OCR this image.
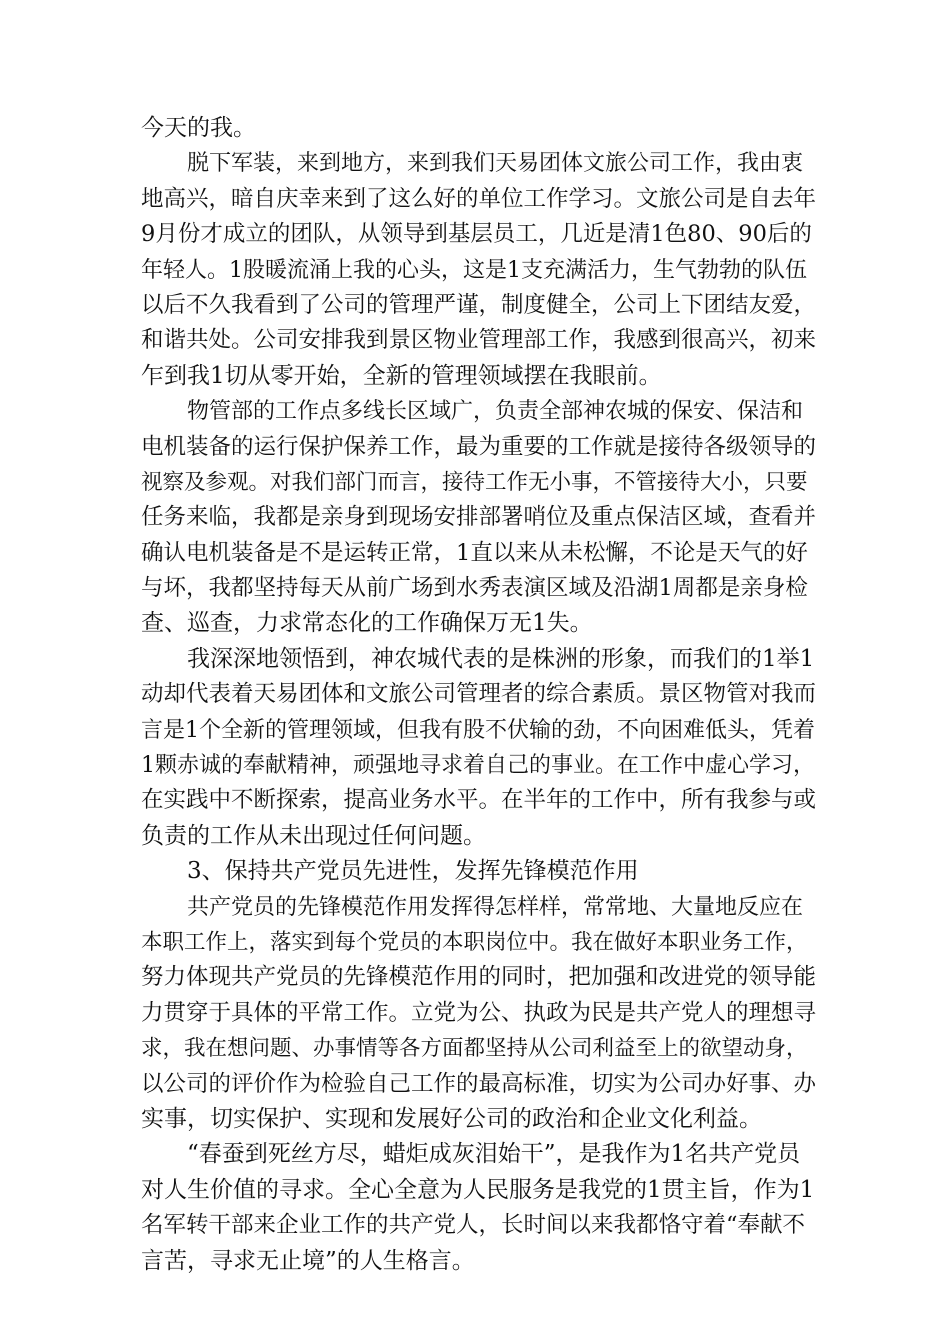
今天的我。
脱下军装，来到地方，来到我们天易团体文旅公司工作，我由衷
地高兴，暗自庆幸来到了这么好的单位工作学习。文旅公司是自去年
9月份才成立的团队，从领导到基层员工，几近是清1色80、90后的
年轻人。1股暖流涌上我的心头，这是1支充满活力，生气勃勃的队伍
以后不久我看到了公司的管理严谨，制度健全，公司上下团结友爱，
和谐共处。公司安排我到景区物业管理部工作，我感到很高兴，初来
乍到我1切从零开始，全新的管理领域摆在我眼前。
物管部的工作点多线长区域广，负责全部神农城的保安、保洁和
电机装备的运行保护保养工作，最为重要的工作就是接待各级领导的
视察及参观。对我们部门而言，接待工作无小事，不管接待大小，只要
任务来临，我都是亲身到现场安排部署哨位及重点保洁区域，查看并
确认电机装备是不是运转正常，1直以来从未松懈，不论是天气的好
与坏，我都坚持每天从前广场到水秀表演区域及沿湖1周都是亲身检
查、巡查，力求常态化的工作确保万无1失。
我深深地领悟到，神农城代表的是株洲的形象，而我们的1举1
动却代表着天易团体和文旅公司管理者的综合素质。景区物管对我而
言是1个全新的管理领域，但我有股不伏输的劲，不向困难低头，凭着
1颗赤诚的奉献精神，顽强地寻求着自己的事业。在工作中虚心学习，
在实践中不断探索，提高业务水平。在半年的工作中，所有我参与或
负责的工作从未出现过任何问题。
3、保持共产党员先进性，发挥先锋模范作用
共产党员的先锋模范作用发挥得怎样样，常常地、大量地反应在
本职工作上，落实到每个党员的本职岗位中。我在做好本职业务工作，
努力体现共产党员的先锋模范作用的同时，把加强和改进党的领导能
力贯穿于具体的平常工作。立党为公、执政为民是共产党人的理想寻
求，我在想问题、办事情等各方面都坚持从公司利益至上的欲望动身，
以公司的评价作为检验自己工作的最高标准，切实为公司办好事、办
实事，切实保护、实现和发展好公司的政治和企业文化利益。
“春蚕到死丝方尽，蜡炬成灰泪始干”，是我作为1名共产党员
对人生价值的寻求。全心全意为人民服务是我党的1贯主旨，作为1
名军转干部来企业工作的共产党人，长时间以来我都恪守着“奉献不
言苦，寻求无止境”的人生格言。
